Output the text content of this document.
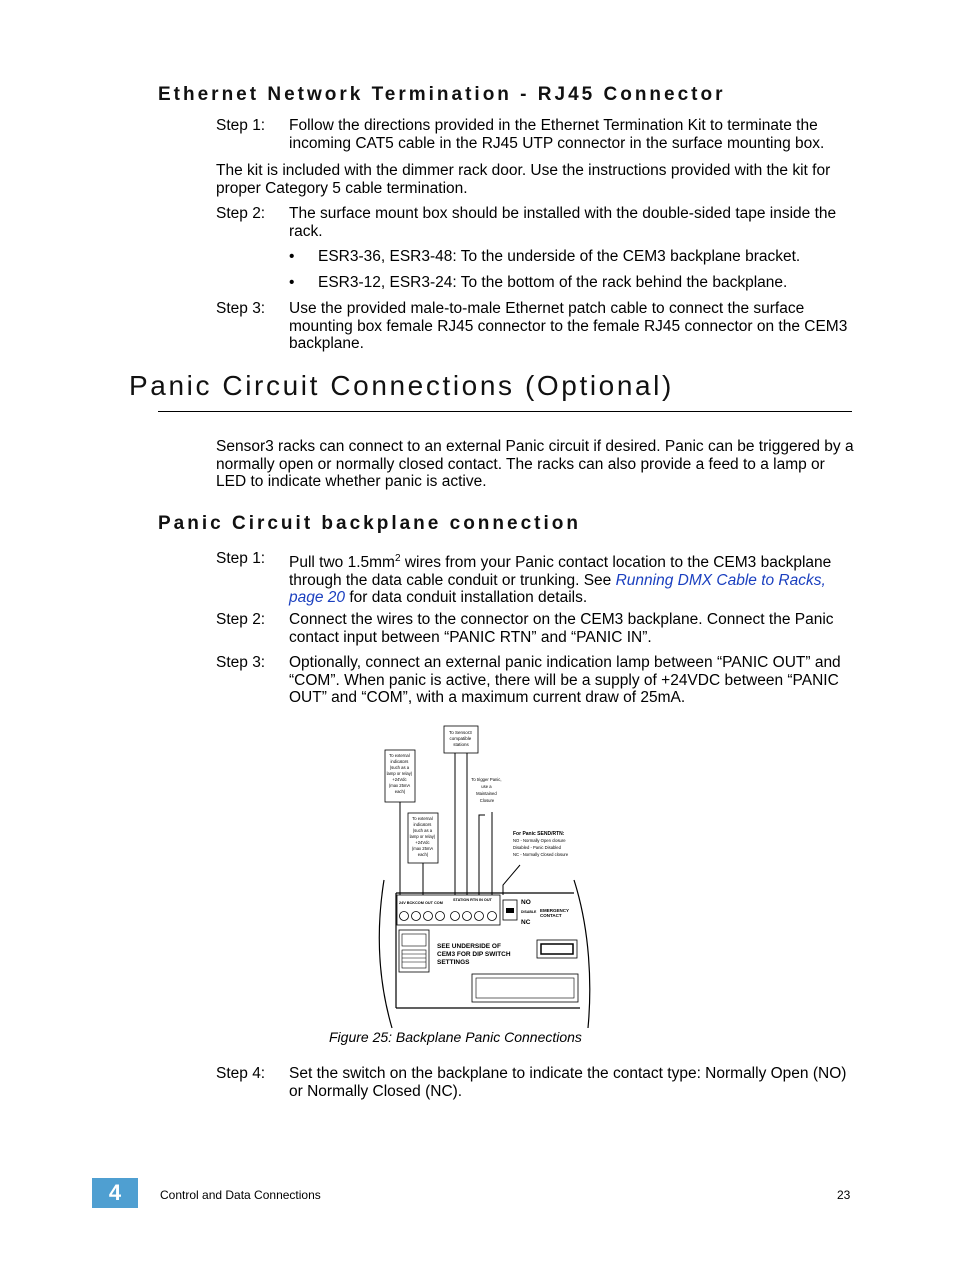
Ethernet Network Termination - RJ45 Connector
Step 1: Follow the directions provided in the Ethernet Termination Kit to terminate the incoming CAT5 cable in the RJ45 UTP connector in the surface mounting box.
The kit is included with the dimmer rack door. Use the instructions provided with the kit for proper Category 5 cable termination.
Step 2: The surface mount box should be installed with the double-sided tape inside the rack.
• ESR3-36, ESR3-48: To the underside of the CEM3 backplane bracket.
• ESR3-12, ESR3-24: To the bottom of the rack behind the backplane.
Step 3: Use the provided male-to-male Ethernet patch cable to connect the surface mounting box female RJ45 connector to the female RJ45 connector on the CEM3 backplane.
Panic Circuit Connections (Optional)
Sensor3 racks can connect to an external Panic circuit if desired. Panic can be triggered by a normally open or normally closed contact. The racks can also provide a feed to a lamp or LED to indicate whether panic is active.
Panic Circuit backplane connection
Step 1: Pull two $1.5mm^2$ wires from your Panic contact location to the CEM3 backplane through the data cable conduit or trunking. See Running DMX Cable to Racks, page 20 for data conduit installation details.
Step 2: Connect the wires to the connector on the CEM3 backplane. Connect the Panic contact input between “PANIC RTN” and “PANIC IN”.
Step 3: Optionally, connect an external panic indication lamp between “PANIC OUT” and “COM”. When panic is active, there will be a supply of +24VDC between “PANIC OUT” and “COM”, with a maximum current draw of 25mA.
To Sensor3 compatible stations
To external indicators (such as a lamp or relay) +24Vdc (max 25mA each)
To external indicators (such as a lamp or relay) +24Vdc (max 25mA each)
To trigger Panic, use a Maintained Closure
For Panic SEND/RTN:
NO - Normally Open closure Disabled - Panic Disabled NC - Normally Closed closure
24V BCKCOM OUT COM
STATION RTN IN OUT	NO
DISABLE
NC
EMERGENCY CONTACT
SEE UNDERSIDE OF CEM3 FOR DIP SWITCH SETTINGS
Figure 25: Backplane Panic Connections
Step 4: Set the switch on the backplane to indicate the contact type: Normally Open (NO) or Normally Closed (NC).
4	Control and Data Connections	23
